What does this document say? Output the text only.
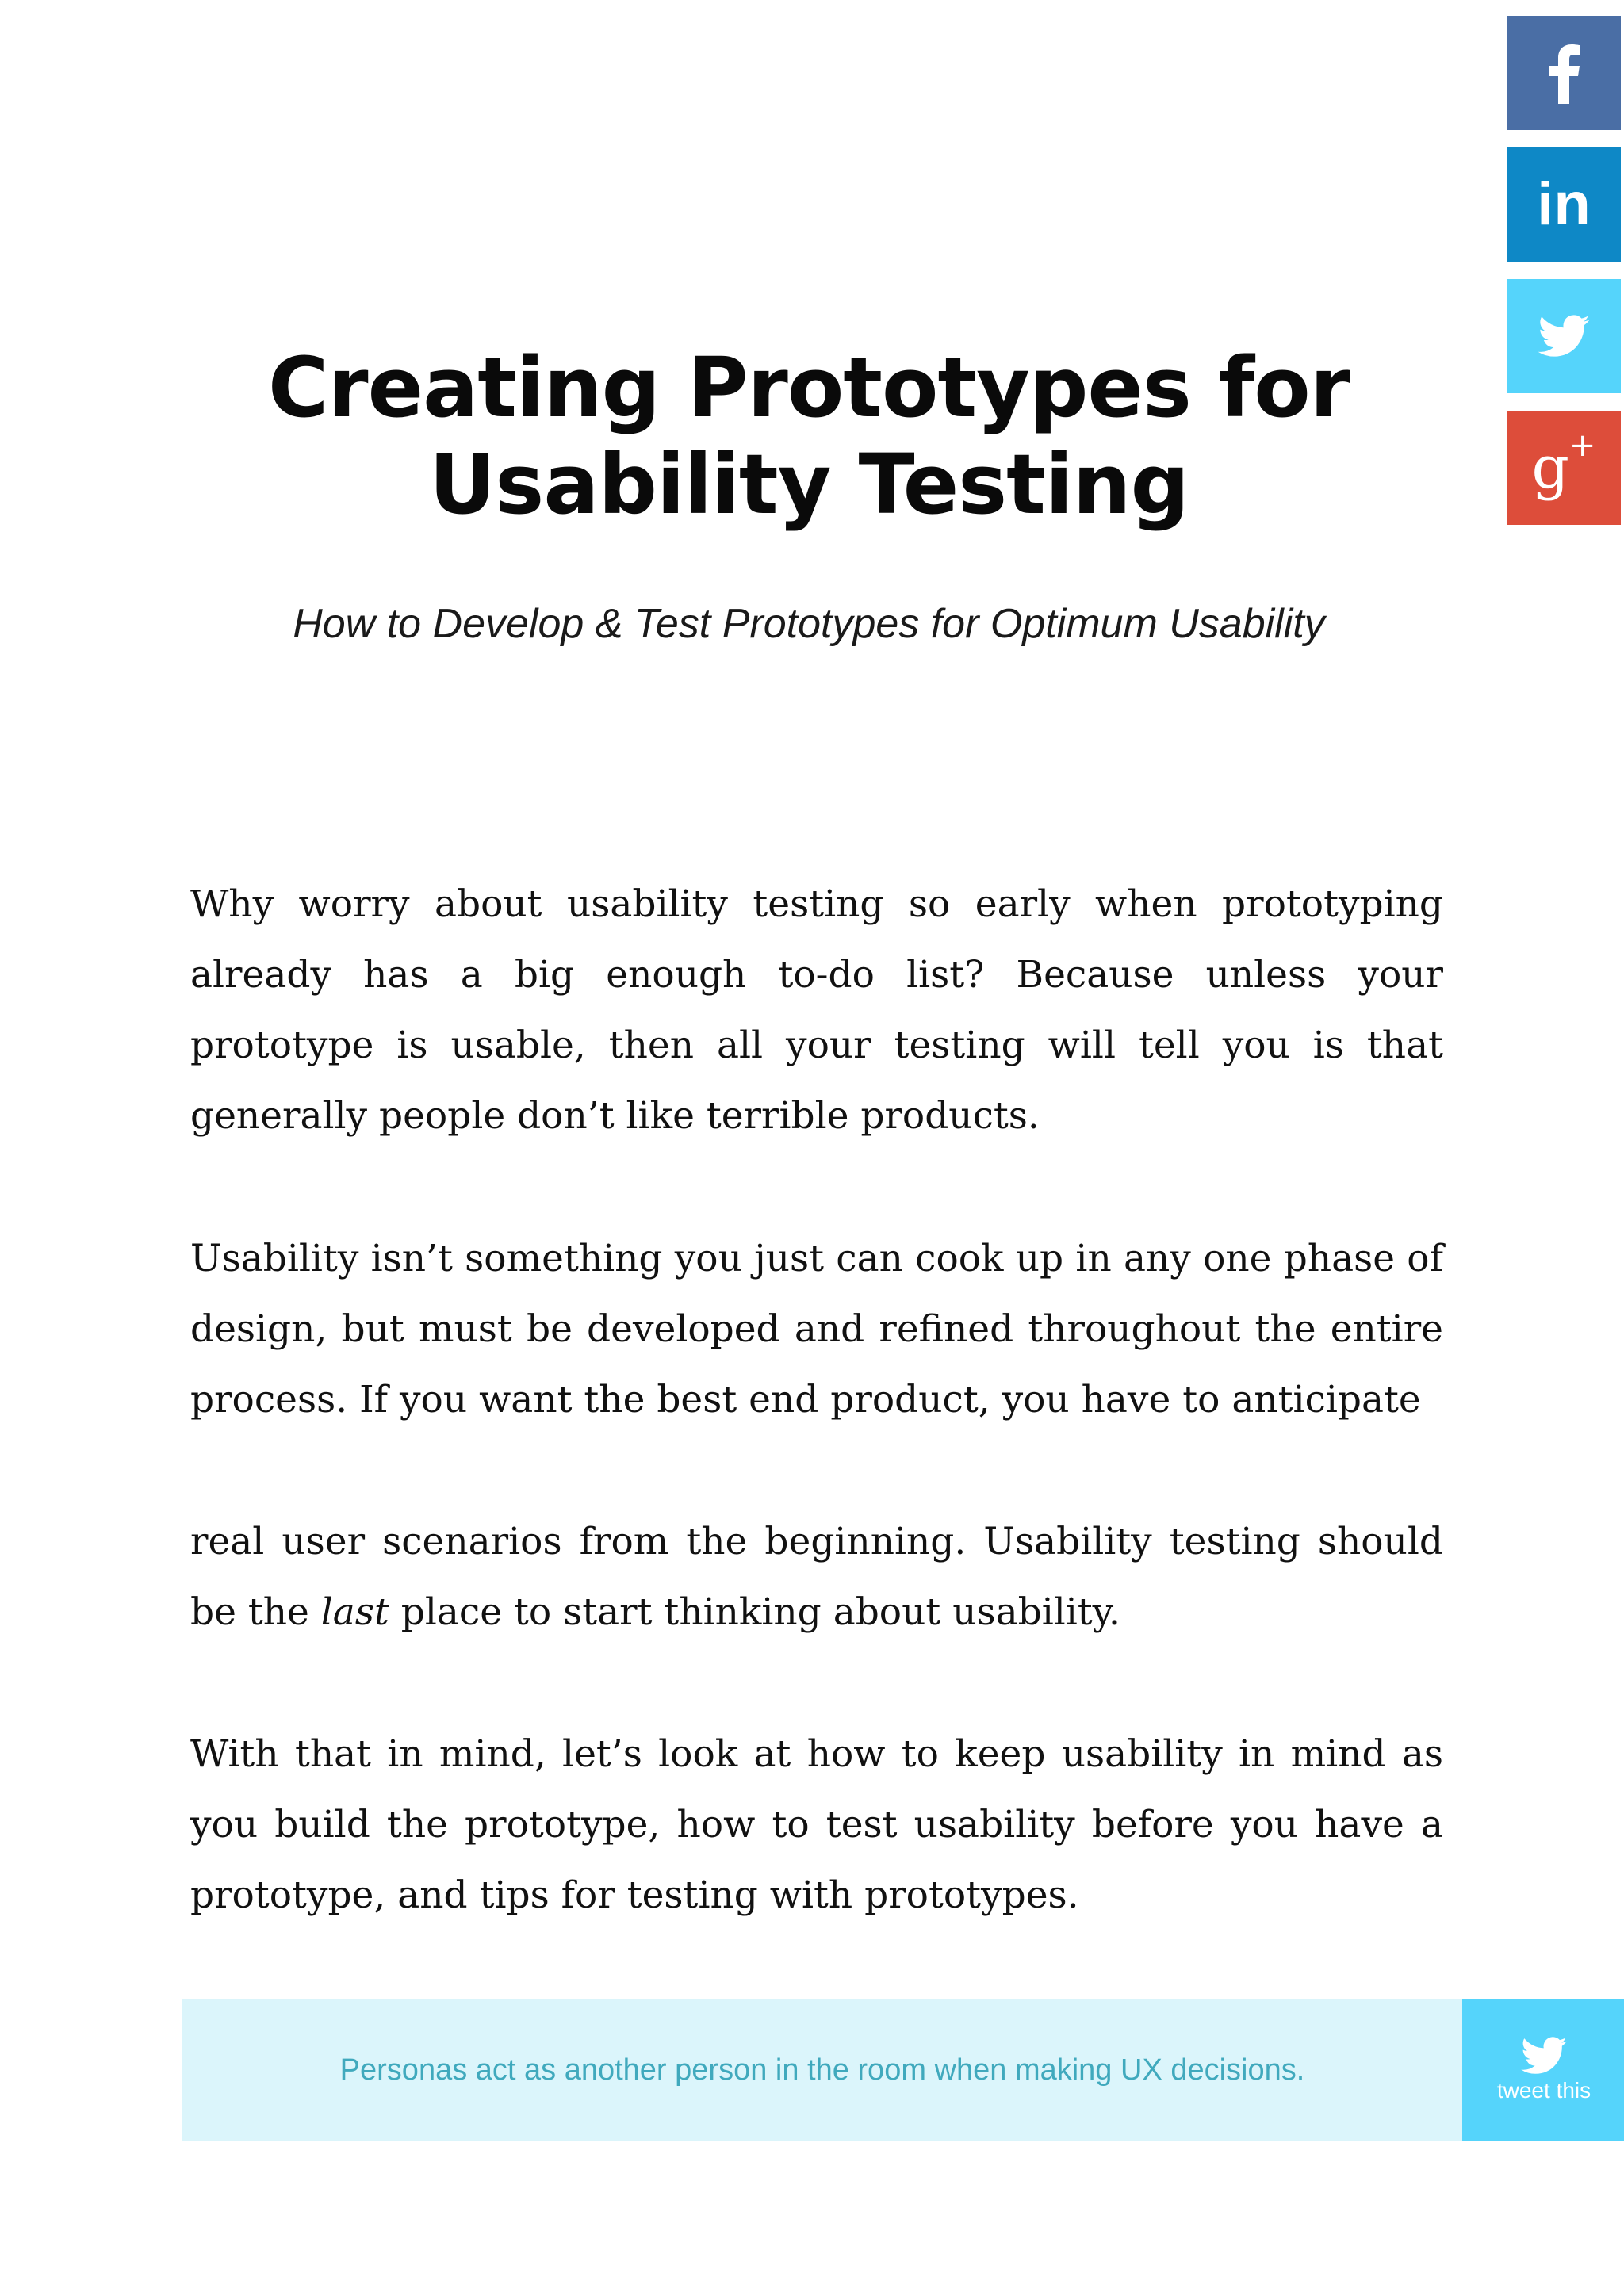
in
g+
Creating Prototypes for
Usability Testing

How to Develop & Test Prototypes for Optimum Usability

Why worry about usability testing so early when prototyping already has a big enough to-do list? Because unless your prototype is usable, then all your testing will tell you is that generally people don’t like terrible products.

Usability isn’t something you just can cook up in any one phase of design, but must be developed and refined throughout the entire process. If you want the best end product, you have to anticipate

real user scenarios from the beginning. Usability testing should be the last place to start thinking about usability.

With that in mind, let’s look at how to keep usability in mind as you build the prototype, how to test usability before you have a prototype, and tips for testing with prototypes.

Personas act as another person in the room when making UX decisions.
tweet this
